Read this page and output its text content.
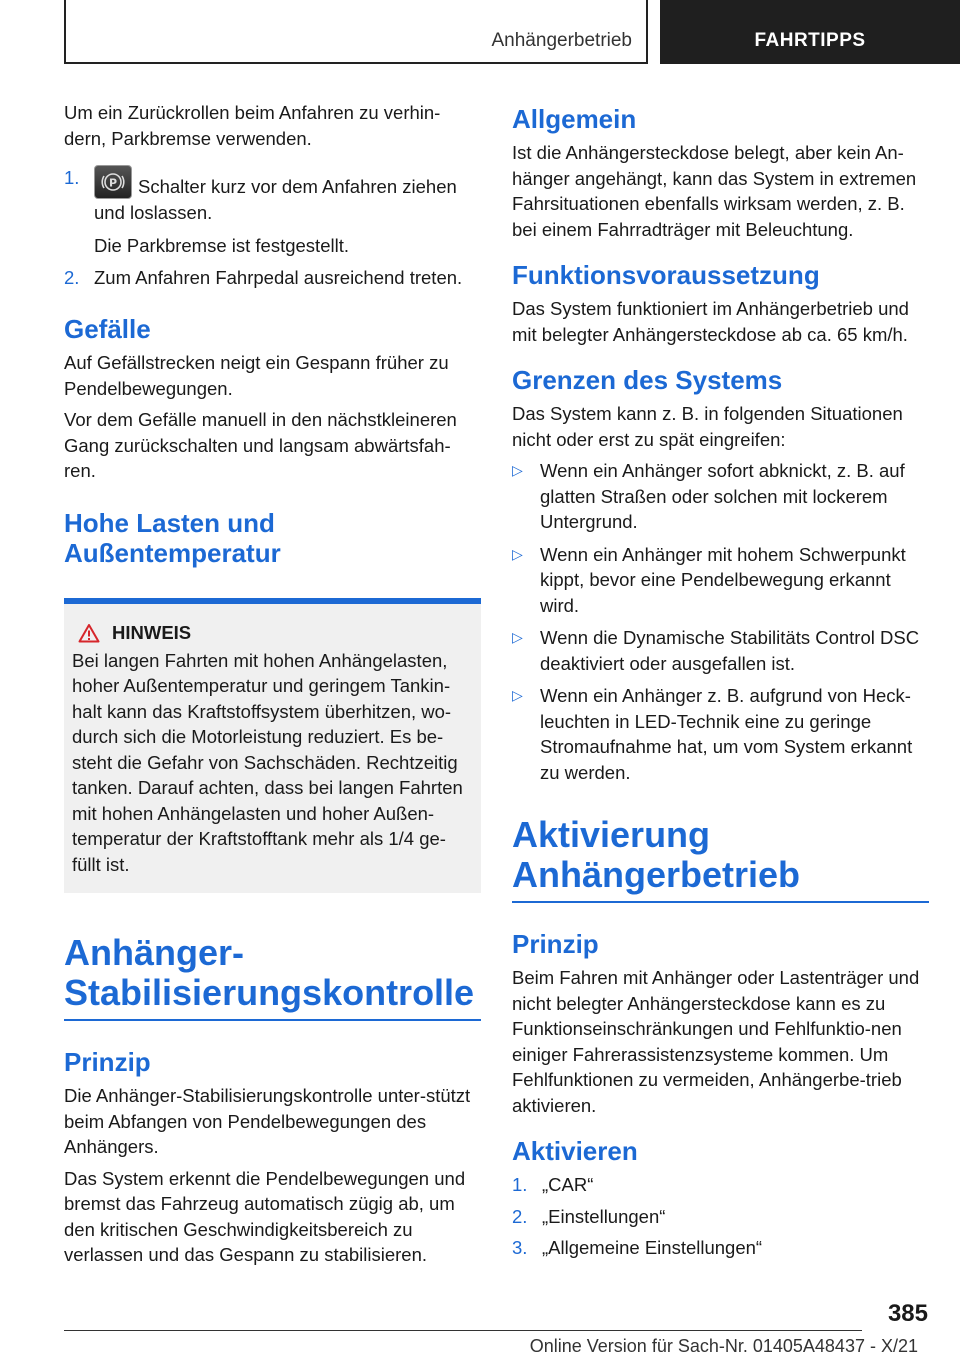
Anhängerbetrieb	FAHRTIPPS

Um ein Zurückrollen beim Anfahren zu verhin-dern, Parkbremse verwenden.

1.	P Schalter kurz vor dem Anfahren ziehen und loslassen.
Die Parkbremse ist festgestellt.
2. Zum Anfahren Fahrpedal ausreichend treten.
Gefälle

Auf Gefällstrecken neigt ein Gespann früher zu Pendelbewegungen.

Vor dem Gefälle manuell in den nächstkleineren Gang zurückschalten und langsam abwärtsfah-ren.

Hohe Lasten und Außentemperatur
HINWEIS

Bei langen Fahrten mit hohen Anhängelasten, hoher Außentemperatur und geringem Tankin-halt kann das Kraftstoffsystem überhitzen, wo-durch sich die Motorleistung reduziert. Es be-steht die Gefahr von Sachschäden. Rechtzeitig tanken. Darauf achten, dass bei langen Fahrten mit hohen Anhängelasten und hoher Außen-temperatur der Kraftstofftank mehr als 1/4 ge-füllt ist.

Anhänger-Stabilisierungskontrolle
Prinzip

Die Anhänger-Stabilisierungskontrolle unter-stützt beim Abfangen von Pendelbewegungen des Anhängers.

Das System erkennt die Pendelbewegungen und bremst das Fahrzeug automatisch zügig ab, um den kritischen Geschwindigkeitsbereich zu verlassen und das Gespann zu stabilisieren.

Allgemein

Ist die Anhängersteckdose belegt, aber kein An-hänger angehängt, kann das System in extremen Fahrsituationen ebenfalls wirksam werden, z. B. bei einem Fahrradträger mit Beleuchtung.

Funktionsvoraussetzung

Das System funktioniert im Anhängerbetrieb und mit belegter Anhängersteckdose ab ca. 65 km/h.

Grenzen des Systems

Das System kann z. B. in folgenden Situationen nicht oder erst zu spät eingreifen:

▷ Wenn ein Anhänger sofort abknickt, z. B. auf glatten Straßen oder solchen mit lockerem Untergrund.
▷ Wenn ein Anhänger mit hohem Schwerpunkt kippt, bevor eine Pendelbewegung erkannt wird.
▷ Wenn die Dynamische Stabilitäts Control DSC deaktiviert oder ausgefallen ist.
▷ Wenn ein Anhänger z. B. aufgrund von Heck-leuchten in LED-Technik eine zu geringe Stromaufnahme hat, um vom System erkannt zu werden.
Aktivierung Anhängerbetrieb
Prinzip

Beim Fahren mit Anhänger oder Lastenträger und nicht belegter Anhängersteckdose kann es zu Funktionseinschränkungen und Fehlfunktio-nen einiger Fahrerassistenzsysteme kommen. Um Fehlfunktionen zu vermeiden, Anhängerbe-trieb aktivieren.

Aktivieren
1. „CAR“
2. „Einstellungen“
3. „Allgemeine Einstellungen“
385
Online Version für Sach-Nr. 01405A48437 - X/21
